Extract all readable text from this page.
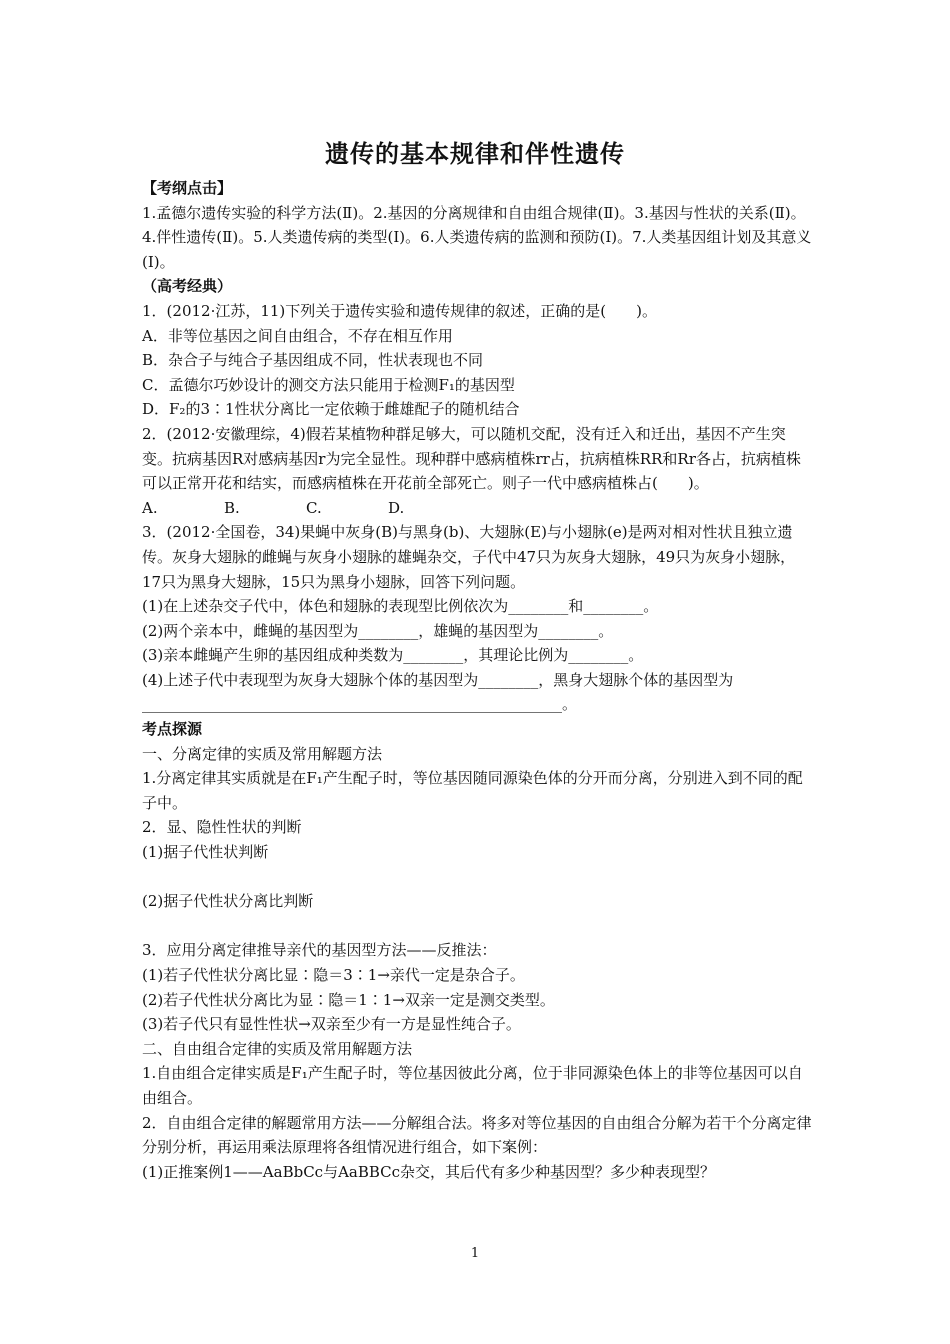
遗传的基本规律和伴性遗传

【考纲点击】

1.孟德尔遗传实验的科学方法(Ⅱ)。2.基因的分离规律和自由组合规律(Ⅱ)。3.基因与性状的关系(Ⅱ)。4.伴性遗传(Ⅱ)。5.人类遗传病的类型(Ⅰ)。6.人类遗传病的监测和预防(Ⅰ)。7.人类基因组计划及其意义(Ⅰ)。

（高考经典）

1．(2012·江苏，11)下列关于遗传实验和遗传规律的叙述，正确的是(　　)。

A．非等位基因之间自由组合，不存在相互作用

B．杂合子与纯合子基因组成不同，性状表现也不同

C．孟德尔巧妙设计的测交方法只能用于检测F₁的基因型

D．F₂的3∶1性状分离比一定依赖于雌雄配子的随机结合

2．(2012·安徽理综，4)假若某植物种群足够大，可以随机交配，没有迁入和迁出，基因不产生突变。抗病基因R对感病基因r为完全显性。现种群中感病植株rr占，抗病植株RR和Rr各占，抗病植株可以正常开花和结实，而感病植株在开花前全部死亡。则子一代中感病植株占(　　)。

A.	B.	C.	D.

3．(2012·全国卷，34)果蝇中灰身(B)与黑身(b)、大翅脉(E)与小翅脉(e)是两对相对性状且独立遗传。灰身大翅脉的雌蝇与灰身小翅脉的雄蝇杂交，子代中47只为灰身大翅脉，49只为灰身小翅脉，17只为黑身大翅脉，15只为黑身小翅脉，回答下列问题。

(1)在上述杂交子代中，体色和翅脉的表现型比例依次为________和________。

(2)两个亲本中，雌蝇的基因型为________，雄蝇的基因型为________。

(3)亲本雌蝇产生卵的基因组成种类数为________，其理论比例为________。

(4)上述子代中表现型为灰身大翅脉个体的基因型为________，黑身大翅脉个体的基因型为________________________________________________________。

考点探源

一、分离定律的实质及常用解题方法

1.分离定律其实质就是在F₁产生配子时，等位基因随同源染色体的分开而分离，分别进入到不同的配子中。

2．显、隐性性状的判断

(1)据子代性状判断

(2)据子代性状分离比判断

3．应用分离定律推导亲代的基因型方法——反推法：

(1)若子代性状分离比显∶隐＝3∶1→亲代一定是杂合子。

(2)若子代性状分离比为显∶隐＝1∶1→双亲一定是测交类型。

(3)若子代只有显性性状→双亲至少有一方是显性纯合子。

二、自由组合定律的实质及常用解题方法

1.自由组合定律实质是F₁产生配子时，等位基因彼此分离，位于非同源染色体上的非等位基因可以自由组合。

2．自由组合定律的解题常用方法——分解组合法。将多对等位基因的自由组合分解为若干个分离定律分别分析，再运用乘法原理将各组情况进行组合，如下案例：

(1)正推案例1——AaBbCc与AaBBCc杂交，其后代有多少种基因型？多少种表现型？

1
